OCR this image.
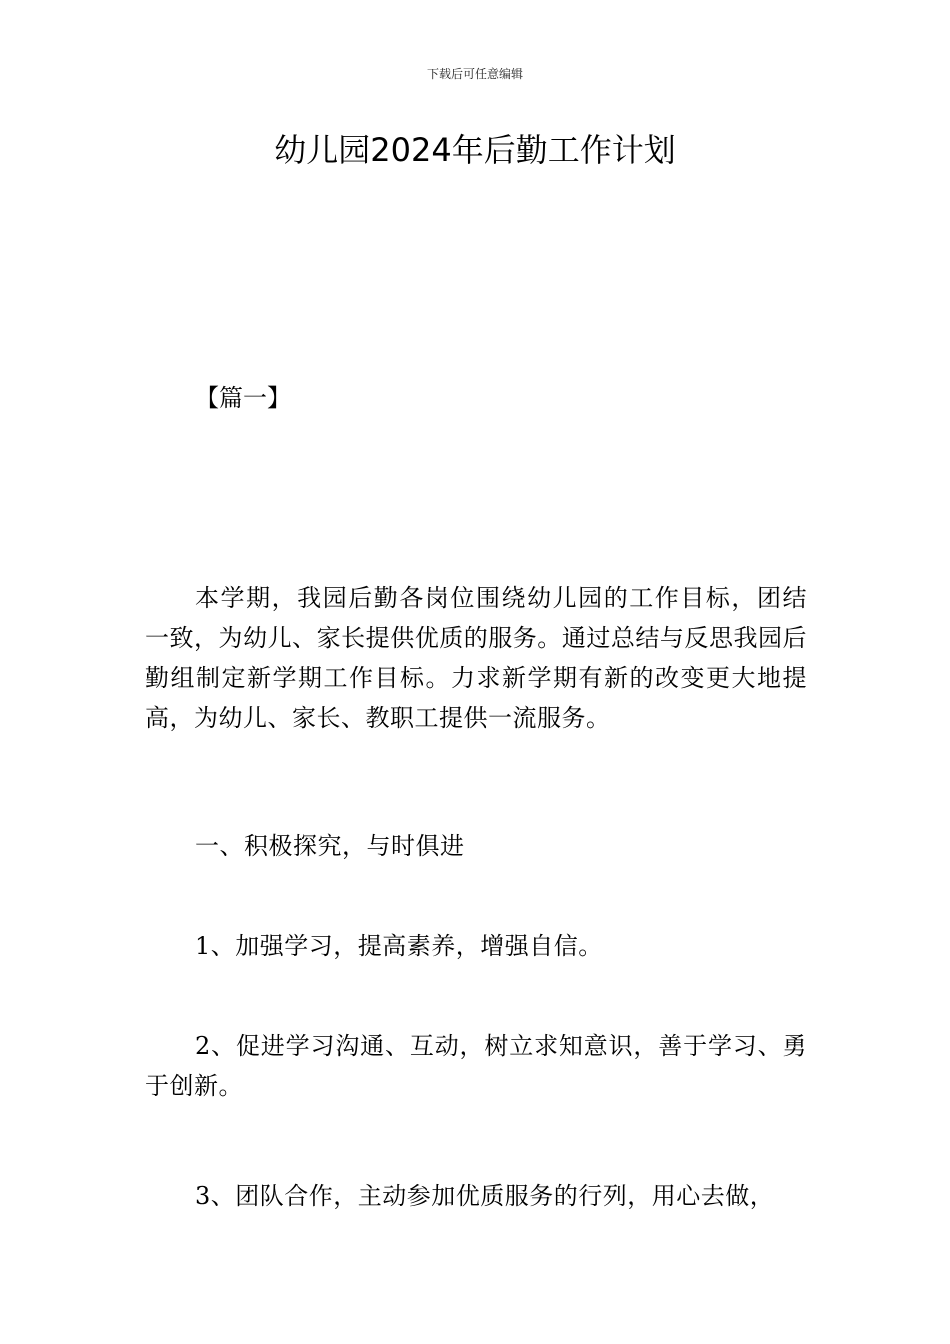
下载后可任意编辑
幼儿园2024年后勤工作计划
【篇一】

本学期，我园后勤各岗位围绕幼儿园的工作目标，团结一致，为幼儿、家长提供优质的服务。通过总结与反思我园后勤组制定新学期工作目标。力求新学期有新的改变更大地提高，为幼儿、家长、教职工提供一流服务。

一、积极探究，与时俱进

1、加强学习，提高素养，增强自信。

2、促进学习沟通、互动，树立求知意识，善于学习、勇于创新。

3、团队合作，主动参加优质服务的行列，用心去做，
